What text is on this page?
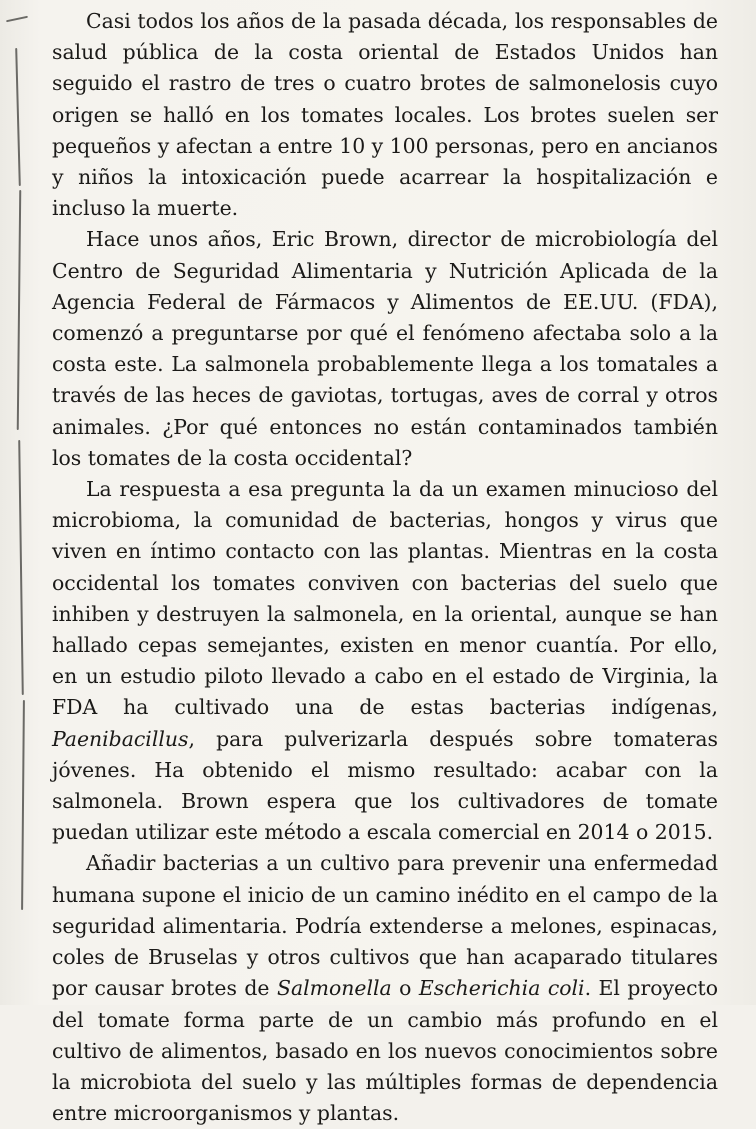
Casi todos los años de la pasada década, los responsables de salud pública de la costa oriental de Estados Unidos han seguido el rastro de tres o cuatro brotes de salmonelosis cuyo origen se halló en los tomates locales. Los brotes suelen ser pequeños y afectan a entre 10 y 100 personas, pero en ancianos y niños la intoxicación puede acarrear la hospitalización e incluso la muerte.

Hace unos años, Eric Brown, director de microbiología del Centro de Seguridad Alimentaria y Nutrición Aplicada de la Agencia Federal de Fármacos y Alimentos de EE.UU. (FDA), comenzó a preguntarse por qué el fenómeno afectaba solo a la costa este. La salmonela probablemente llega a los tomatales a través de las heces de gaviotas, tortugas, aves de corral y otros animales. ¿Por qué entonces no están contaminados también los tomates de la costa occidental?

La respuesta a esa pregunta la da un examen minucioso del microbioma, la comunidad de bacterias, hongos y virus que viven en íntimo contacto con las plantas. Mientras en la costa occidental los tomates conviven con bacterias del suelo que inhiben y destruyen la salmonela, en la oriental, aunque se han hallado cepas semejantes, existen en menor cuantía. Por ello, en un estudio piloto llevado a cabo en el estado de Virginia, la FDA ha cultivado una de estas bacterias indígenas, Paenibacillus, para pulverizarla después sobre tomateras jóvenes. Ha obtenido el mismo resultado: acabar con la salmonela. Brown espera que los cultivadores de tomate puedan utilizar este método a escala comercial en 2014 o 2015.

Añadir bacterias a un cultivo para prevenir una enfermedad humana supone el inicio de un camino inédito en el campo de la seguridad alimentaria. Podría extenderse a melones, espinacas, coles de Bruselas y otros cultivos que han acaparado titulares por causar brotes de Salmonella o Escherichia coli. El proyecto del tomate forma parte de un cambio más profundo en el cultivo de alimentos, basado en los nuevos conocimientos sobre la microbiota del suelo y las múltiples formas de dependencia entre microorganismos y plantas.
